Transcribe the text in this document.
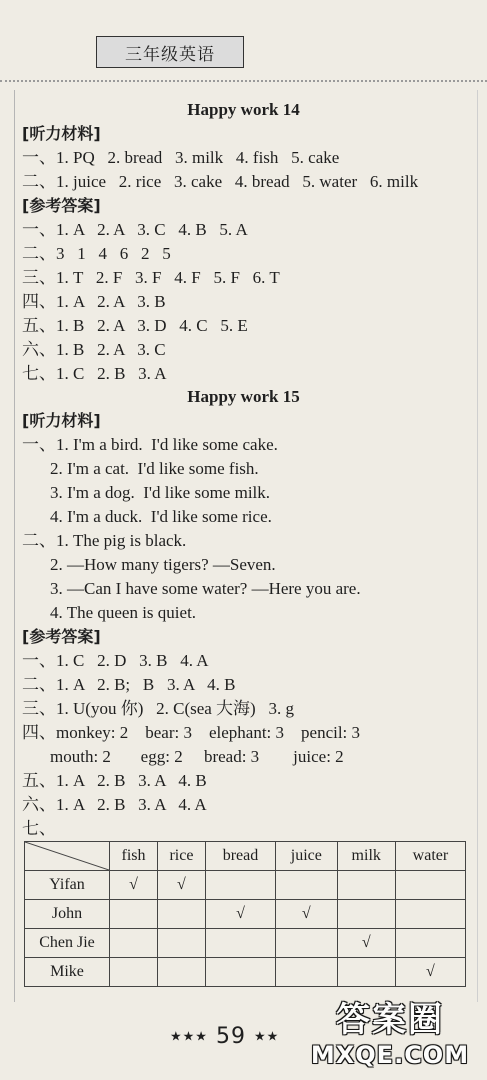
三年级英语
Happy work 14
[听力材料]
一、1. PQ   2. bread   3. milk   4. fish   5. cake
二、1. juice   2. rice   3. cake   4. bread   5. water   6. milk
[参考答案]
一、1. A   2. A   3. C   4. B   5. A
二、3   1   4   6   2   5
三、1. T   2. F   3. F   4. F   5. F   6. T
四、1. A   2. A   3. B
五、1. B   2. A   3. D   4. C   5. E
六、1. B   2. A   3. C
七、1. C   2. B   3. A
Happy work 15
[听力材料]
一、1. I'm a bird.  I'd like some cake.
2. I'm a cat.  I'd like some fish.
3. I'm a dog.  I'd like some milk.
4. I'm a duck.  I'd like some rice.
二、1. The pig is black.
2. —How many tigers? —Seven.
3. —Can I have some water? —Here you are.
4. The queen is quiet.
[参考答案]
一、1. C   2. D   3. B   4. A
二、1. A   2. B;   B   3. A   4. B
三、1. U(you 你)   2. C(sea 大海)   3. g
四、monkey: 2    bear: 3    elephant: 3    pencil: 3
mouth: 2       egg: 2     bread: 3        juice: 2
五、1. A   2. B   3. A   4. B
六、1. A   2. B   3. A   4. A
七、
	fish	rice	bread	juice	milk	water
Yifan	√	√				
John			√	√		
Chen Jie					√	
Mike						√
★★★ 59 ★★	答案圈
MXQE.COM
